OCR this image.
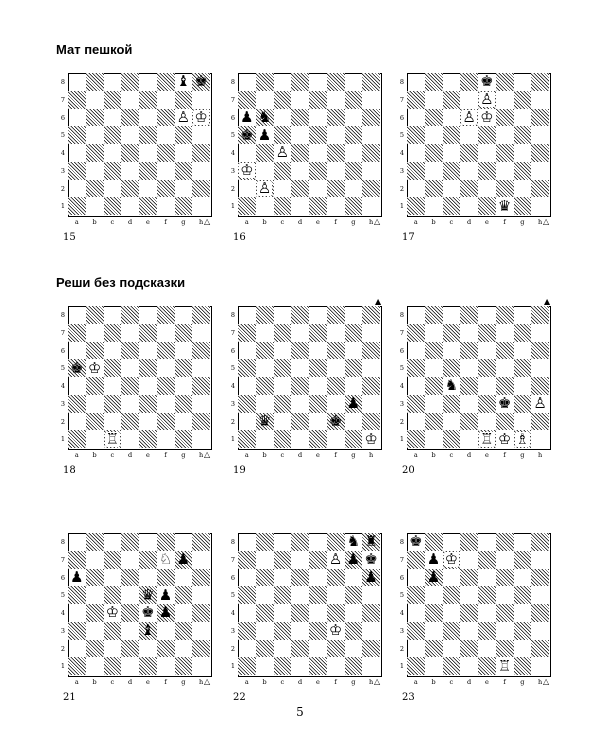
Мат пешкой
Реши без подсказки
♝ ♚
♙ ♔
8
7
6
5
4
3
2
1
a	b	c	d	e	f	g	h △
15
♟ ♞
♚ ♟
♙
♔
♙
8
7
6
5
4
3
2
1
a	b	c	d	e	f	g	h △
16
♚
♙
♙ ♔
♛
8
7
6
5
4
3
2
1
a	b	c	d	e	f	g	h △
17
♚ ♔
♖
8
7
6
5
4
3
2
1
a	b	c	d	e	f	g	h △
18
♛
♟
♚
♔
8
7
6
5
4
3
2
1
a	b	c	d	e	f	g	h
▲
19
♞
♚ ♙
♖ ♔ ♗
8
7
6
5
4
3
2
1
a	b	c	d	e	f	g	h
▲
20
♘ ♟
♟
♛ ♟
♔ ♚ ♟
♝
8
7
6
5
4
3
2
1
a	b	c	d	e	f	g	h △
21
♞ ♜
♙ ♟ ♚
♟
♔
8
7
6
5
4
3
2
1
a	b	c	d	e	f	g	h △
22
♚
♟ ♔
♟
♖
8
7
6
5
4
3
2
1
a	b	c	d	e	f	g	h △
23
5
